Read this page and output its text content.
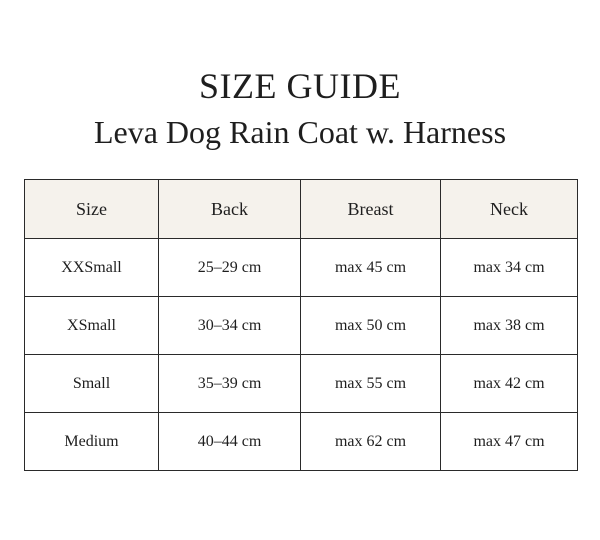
SIZE GUIDE
Leva Dog Rain Coat w. Harness
Size	Back	Breast	Neck
XXSmall	25–29 cm	max 45 cm	max 34 cm
XSmall	30–34 cm	max 50 cm	max 38 cm
Small	35–39 cm	max 55 cm	max 42 cm
Medium	40–44 cm	max 62 cm	max 47 cm
